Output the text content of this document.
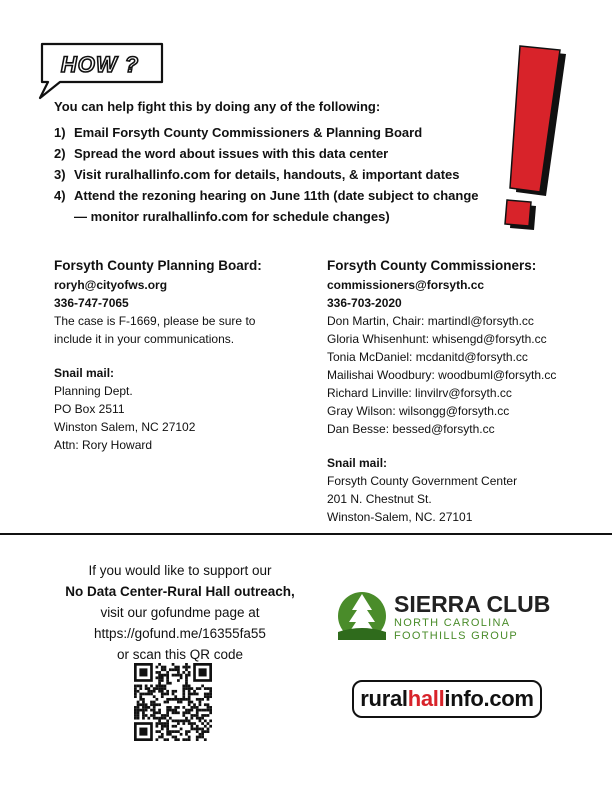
HOW ?
You can help fight this by doing any of the following:
1) Email Forsyth County Commissioners & Planning Board
2) Spread the word about issues with this data center
3) Visit ruralhallinfo.com for details, handouts, & important dates
4) Attend the rezoning hearing on June 11th (date subject to change — monitor ruralhallinfo.com for schedule changes)
Forsyth County Planning Board:
roryh@cityofws.org
336-747-7065
The case is F-1669, please be sure to include it in your communications.
Snail mail:
Planning Dept.
PO Box 2511
Winston Salem, NC 27102
Attn: Rory Howard
Forsyth County Commissioners:
commissioners@forsyth.cc
336-703-2020
Don Martin, Chair: martindl@forsyth.cc
Gloria Whisenhunt: whisengd@forsyth.cc
Tonia McDaniel: mcdanitd@forsyth.cc
Mailishai Woodbury: woodbuml@forsyth.cc
Richard Linville: linvilrv@forsyth.cc
Gray Wilson: wilsongg@forsyth.cc
Dan Besse: bessed@forsyth.cc
Snail mail:
Forsyth County Government Center
201 N. Chestnut St.
Winston-Salem, NC. 27101
If you would like to support our
No Data Center-Rural Hall outreach,
visit our gofundme page at
https://gofund.me/16355fa55
or scan this QR code
SIERRA CLUB
NORTH CAROLINA
FOOTHILLS GROUP
ruralhallinfo.com
